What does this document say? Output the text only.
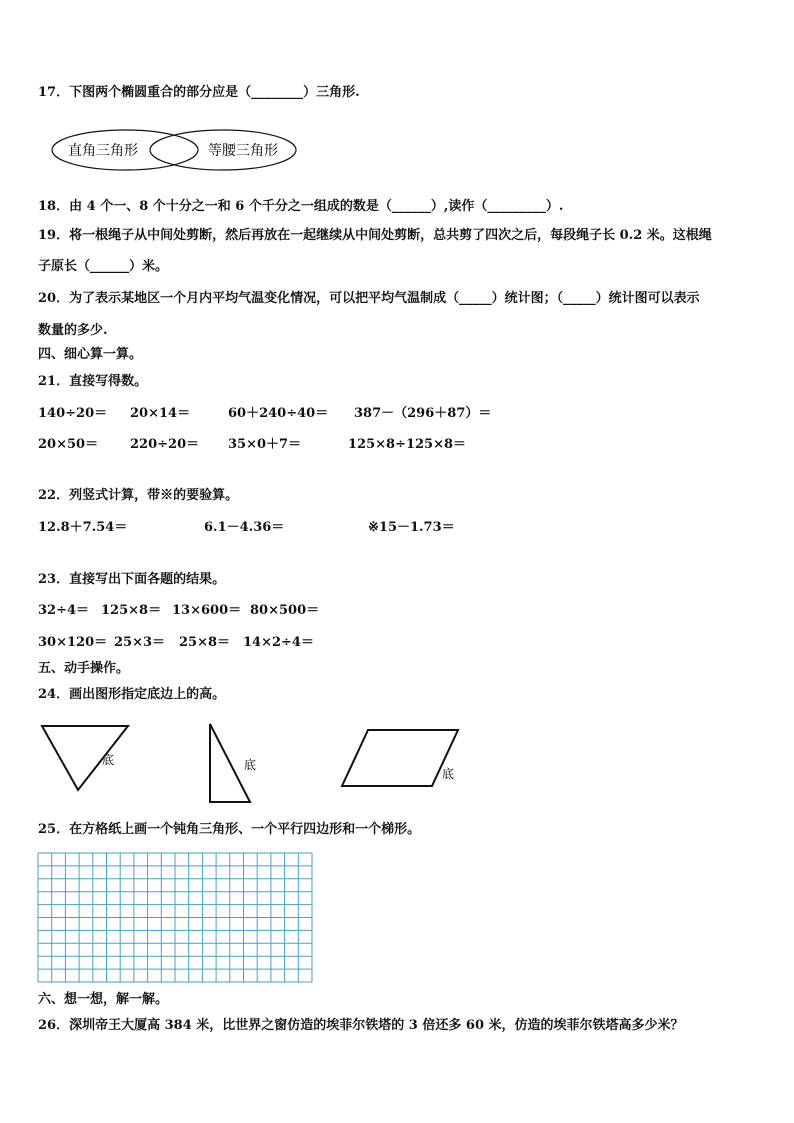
17．下图两个椭圆重合的部分应是（________）三角形.
直角三角形	等腰三角形
18．由 4 个一、8 个十分之一和 6 个千分之一组成的数是（______）,读作（_________）.
19．将一根绳子从中间处剪断，然后再放在一起继续从中间处剪断，总共剪了四次之后，每段绳子长 0.2 米。这根绳
子原长（______）米。
20．为了表示某地区一个月内平均气温变化情况，可以把平均气温制成（_____）统计图；（_____）统计图可以表示
数量的多少.
四、细心算一算。
21．直接写得数。
140÷20＝ 20×14＝	60＋240÷40＝ 387－（296＋87）＝
20×50＝ 220÷20＝ 35×0＋7＝	125×8÷125×8＝
22．列竖式计算，带※的要验算。
12.8＋7.54＝	6.1－4.36＝	※15－1.73＝
23．直接写出下面各题的结果。
32÷4＝ 125×8＝ 13×600＝ 80×500＝
30×120＝ 25×3＝ 25×8＝ 14×2÷4＝
五、动手操作。
24．画出图形指定底边上的高。
底	底
底
25．在方格纸上画一个钝角三角形、一个平行四边形和一个梯形。
六、想一想，解一解。
26．深圳帝王大厦高 384 米，比世界之窗仿造的埃菲尔铁塔的 3 倍还多 60 米，仿造的埃菲尔铁塔高多少米？
